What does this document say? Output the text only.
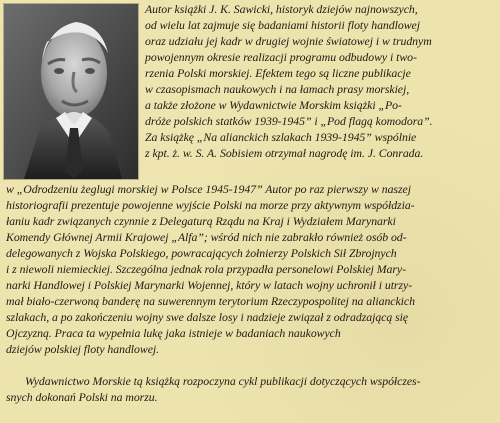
Autor książki J. K. Sawicki, historyk dziejów najnowszych,
od wielu lat zajmuje się badaniami historii floty handlowej
oraz udziału jej kadr w drugiej wojnie światowej i w trudnym
powojennym okresie realizacji programu odbudowy i two-
rzenia Polski morskiej. Efektem tego są liczne publikacje
w czasopismach naukowych i na łamach prasy morskiej,
a także złożone w Wydawnictwie Morskim książki „Po-
dróże polskich statków 1939-1945” i „Pod flagą komodora”.
Za książkę „Na alianckich szlakach 1939-1945” wspólnie
z kpt. ż. w. S. A. Sobisiem otrzymał nagrodę im. J. Conrada.
w „Odrodzeniu żeglugi morskiej w Polsce 1945-1947” Autor po raz pierwszy w naszej
historiografii prezentuje powojenne wyjście Polski na morze przy aktywnym współdzia-
łaniu kadr związanych czynnie z Delegaturą Rządu na Kraj i Wydziałem Marynarki
Komendy Głównej Armii Krajowej „Alfa”; wśród nich nie zabrakło również osób od-
delegowanych z Wojska Polskiego, powracających żołnierzy Polskich Sił Zbrojnych
i z niewoli niemieckiej. Szczególna jednak rola przypadła personelowi Polskiej Mary-
narki Handlowej i Polskiej Marynarki Wojennej, który w latach wojny uchronił i utrzy-
mał biało-czerwoną banderę na suwerennym terytorium Rzeczypospolitej na alianckich
szlakach, a po zakończeniu wojny swe dalsze losy i nadzieje związał z odradzającą się
Ojczyzną. Praca ta wypełnia lukę jaka istnieje w badaniach naukowych
dziejów polskiej floty handlowej.
Wydawnictwo Morskie tą książką rozpoczyna cykl publikacji dotyczących współczes-
snych dokonań Polski na morzu.
